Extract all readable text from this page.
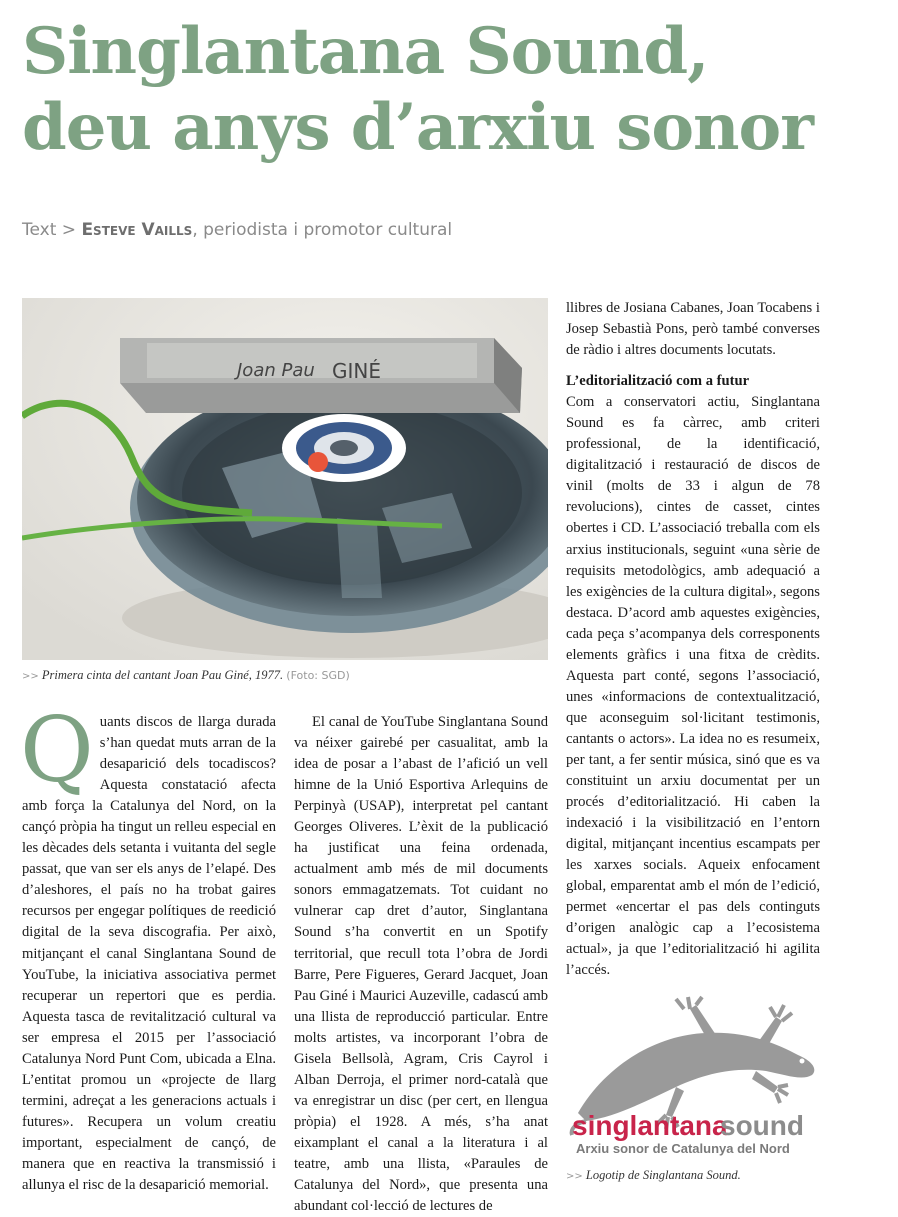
Singlantana Sound,
deu anys d’arxiu sonor
Text > Esteve Vaills, periodista i promotor cultural
Joan Pau GINÉ
>> Primera cinta del cantant Joan Pau Giné, 1977. (Foto: SGD)
Q uants discos de llarga durada s’han quedat muts arran de la desaparició dels tocadiscos? Aquesta constatació afecta amb força la Catalunya del Nord, on la cançó pròpia ha tingut un relleu especial en les dècades dels setanta i vuitanta del segle passat, que van ser els anys de l’elapé. Des d’aleshores, el país no ha trobat gaires recursos per engegar polítiques de reedició digital de la seva discografia. Per això, mitjançant el canal Singlantana Sound de YouTube, la iniciativa associativa permet recuperar un repertori que es perdia. Aquesta tasca de revitalització cultural va ser empresa el 2015 per l’associació Catalunya Nord Punt Com, ubicada a Elna. L’entitat promou un «projecte de llarg termini, adreçat a les generacions actuals i futures». Recupera un volum creatiu important, especialment de cançó, de manera que en reactiva la transmissió i allunya el risc de la desaparició memorial.

El canal de YouTube Singlantana Sound va néixer gairebé per casualitat, amb la idea de posar a l’abast de l’afició un vell himne de la Unió Esportiva Arlequins de Perpinyà (USAP), interpretat pel cantant Georges Oliveres. L’èxit de la publicació ha justificat una feina ordenada, actualment amb més de mil documents sonors emmagatzemats. Tot cuidant no vulnerar cap dret d’autor, Singlantana Sound s’ha convertit en un Spotify territorial, que recull tota l’obra de Jordi Barre, Pere Figueres, Gerard Jacquet, Joan Pau Giné i Maurici Auzeville, cadascú amb una llista de reproducció particular. Entre molts artistes, va incorporant l’obra de Gisela Bellsolà, Agram, Cris Cayrol i Alban Derroja, el primer nord-català que va enregistrar un disc (per cert, en llengua pròpia) el 1928. A més, s’ha anat eixamplant el canal a la literatura i al teatre, amb una llista, «Paraules de Catalunya del Nord», que presenta una abundant col·lecció de lectures de

llibres de Josiana Cabanes, Joan Tocabens i Josep Sebastià Pons, però també converses de ràdio i altres documents locutats.

L’editorialització com a futur

Com a conservatori actiu, Singlantana Sound es fa càrrec, amb criteri professional, de la identificació, digitalització i restauració de discos de vinil (molts de 33 i algun de 78 revolucions), cintes de casset, cintes obertes i CD. L’associació treballa com els arxius institucionals, seguint «una sèrie de requisits metodològics, amb adequació a les exigències de la cultura digital», segons destaca. D’acord amb aquestes exigències, cada peça s’acompanya dels corresponents elements gràfics i una fitxa de crèdits. Aquesta part conté, segons l’associació, unes «informacions de contextualització, que aconseguim sol·licitant testimonis, cantants o actors». La idea no es resumeix, per tant, a fer sentir música, sinó que es va constituint un arxiu documentat per un procés d’editorialització. Hi caben la indexació i la visibilització en l’entorn digital, mitjançant incentius escampats per les xarxes socials. Aqueix enfocament global, emparentat amb el món de l’edició, permet «encertar el pas dels continguts d’origen analògic cap a l’ecosistema actual», ja que l’editorialització hi agilita l’accés.

singlantana
sound
Arxiu sonor de Catalunya del Nord
>> Logotip de Singlantana Sound.
